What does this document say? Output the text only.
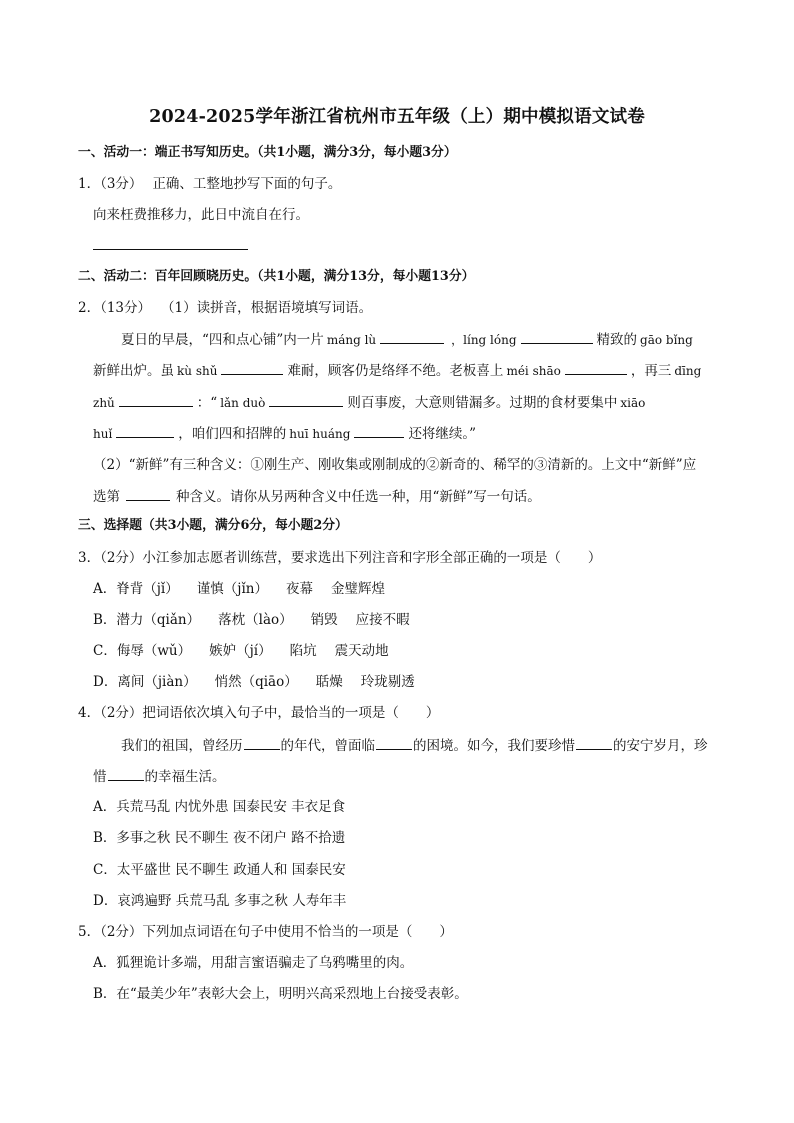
2024-2025学年浙江省杭州市五年级（上）期中模拟语文试卷
一、活动一：端正书写知历史。（共1小题，满分3分，每小题3分）
1．（3分） 正确、工整地抄写下面的句子。
向来枉费推移力，此日中流自在行。
二、活动二：百年回顾晓历史。（共1小题，满分13分，每小题13分）
2．（13分） （1）读拼音，根据语境填写词语。
夏日的早晨，“四和点心铺”内一片 máng lù	，líng lóng	精致的 gāo bǐng
新鲜出炉。虽 kù shǔ	难耐，顾客仍是络绎不绝。老板喜上 méi shāo	，再三 dīng
zhǔ	：“ lǎn duò	则百事废，大意则错漏多。过期的食材要集中 xiāo
huǐ	，咱们四和招牌的 huī huáng	还将继续。”
（2）“新鲜”有三种含义：①刚生产、刚收集或刚制成的②新奇的、稀罕的③清新的。上文中“新鲜”应
选第	种含义。请你从另两种含义中任选一种，用“新鲜”写一句话。
三、选择题（共3小题，满分6分，每小题2分）
3．（2分）小江参加志愿者训练营，要求选出下列注音和字形全部正确的一项是（　　）
A．脊背（jǐ） 谨慎（jǐn） 夜幕 金璧辉煌
B．潜力（qiǎn） 落枕（lào） 销毁 应接不暇
C．侮辱（wǔ） 嫉妒（jí） 陷坑 震天动地
D．离间（jiàn） 悄然（qiāo） 聒燥 玲珑剔透
4．（2分）把词语依次填入句子中，最恰当的一项是（　　）
我们的祖国，曾经历	的年代，曾面临	的困境。如今，我们要珍惜	的安宁岁月，珍
惜	的幸福生活。
A．兵荒马乱 内忧外患 国泰民安 丰衣足食
B．多事之秋 民不聊生 夜不闭户 路不拾遗
C．太平盛世 民不聊生 政通人和 国泰民安
D．哀鸿遍野 兵荒马乱 多事之秋 人寿年丰
5．（2分）下列加点词语在句子中使用不恰当的一项是（　　）
A．狐狸诡计多端，用甜言蜜语骗走了乌鸦嘴里的肉。
B．在“最美少年”表彰大会上，明明兴高采烈地上台接受表彰。
